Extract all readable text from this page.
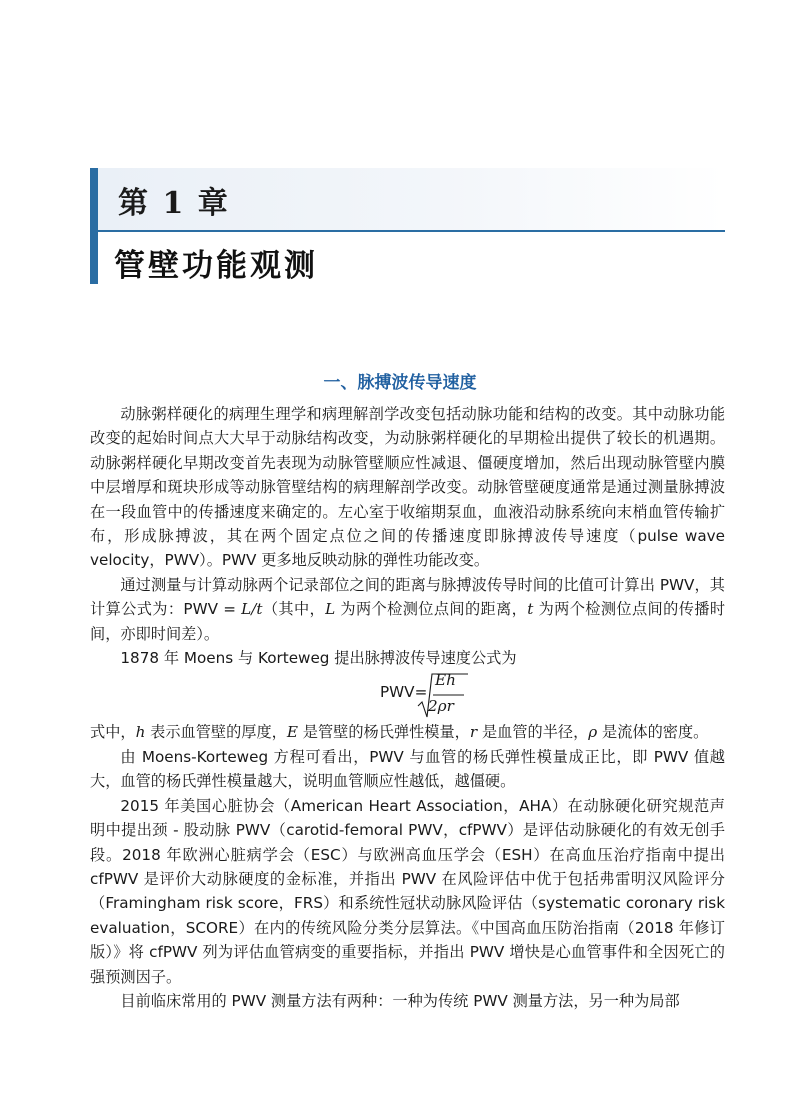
第 1 章
管壁功能观测
一、脉搏波传导速度

动脉粥样硬化的病理生理学和病理解剖学改变包括动脉功能和结构的改变。其中动脉功能改变的起始时间点大大早于动脉结构改变，为动脉粥样硬化的早期检出提供了较长的机遇期。动脉粥样硬化早期改变首先表现为动脉管壁顺应性减退、僵硬度增加，然后出现动脉管壁内膜中层增厚和斑块形成等动脉管壁结构的病理解剖学改变。动脉管壁硬度通常是通过测量脉搏波在一段血管中的传播速度来确定的。左心室于收缩期泵血，血液沿动脉系统向末梢血管传输扩布，形成脉搏波，其在两个固定点位之间的传播速度即脉搏波传导速度（pulse wave velocity，PWV）。PWV 更多地反映动脉的弹性功能改变。

通过测量与计算动脉两个记录部位之间的距离与脉搏波传导时间的比值可计算出 PWV，其计算公式为：PWV = L/t（其中，L 为两个检测位点间的距离，t 为两个检测位点间的传播时间，亦即时间差）。

1878 年 Moens 与 Korteweg 提出脉搏波传导速度公式为

PWV=
Eh
2ρr

式中，h 表示血管壁的厚度，E 是管壁的杨氏弹性模量，r 是血管的半径，ρ 是流体的密度。

由 Moens-Korteweg 方程可看出，PWV 与血管的杨氏弹性模量成正比，即 PWV 值越大，血管的杨氏弹性模量越大，说明血管顺应性越低，越僵硬。

2015 年美国心脏协会（American Heart Association，AHA）在动脉硬化研究规范声明中提出颈 - 股动脉 PWV（carotid-femoral PWV，cfPWV）是评估动脉硬化的有效无创手段。2018 年欧洲心脏病学会（ESC）与欧洲高血压学会（ESH）在高血压治疗指南中提出 cfPWV 是评价大动脉硬度的金标准，并指出 PWV 在风险评估中优于包括弗雷明汉风险评分（Framingham risk score，FRS）和系统性冠状动脉风险评估（systematic coronary risk evaluation，SCORE）在内的传统风险分类分层算法。《中国高血压防治指南（2018 年修订版）》将 cfPWV 列为评估血管病变的重要指标，并指出 PWV 增快是心血管事件和全因死亡的强预测因子。

目前临床常用的 PWV 测量方法有两种：一种为传统 PWV 测量方法，另一种为局部
